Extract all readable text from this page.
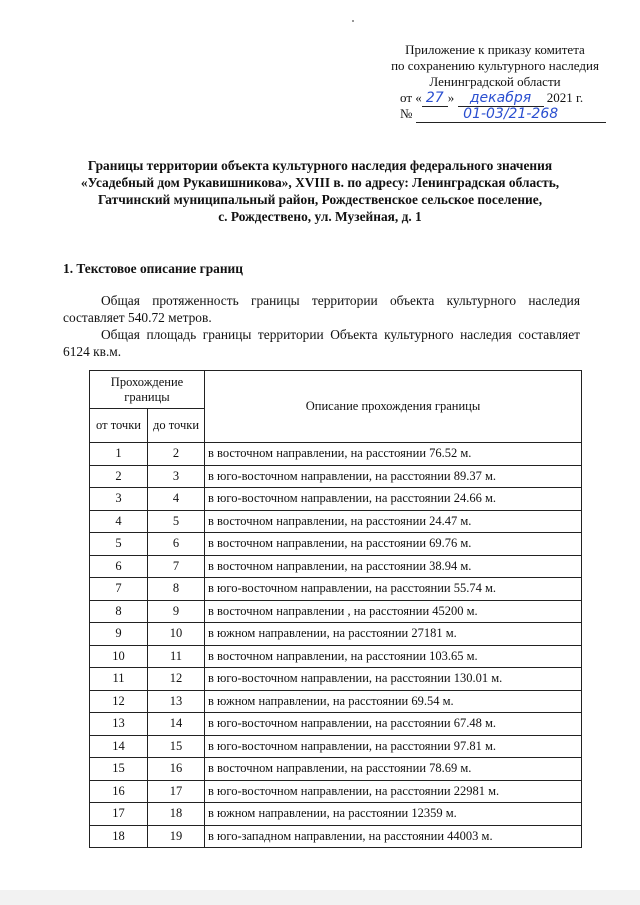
Приложение к приказу комитета
по сохранению культурного наследия
Ленинградской области
от « 27 » декабря 2021 г.
№	01-03/21-268
Границы территории объекта культурного наследия федерального значения
«Усадебный дом Рукавишникова», XVIII в. по адресу: Ленинградская область,
Гатчинский муниципальный район, Рождественское сельское поселение,
с. Рождествено, ул. Музейная, д. 1
1. Текстовое описание границ
Общая протяженность границы территории объекта культурного наследия составляет 540.72 метров.
Общая площадь границы территории Объекта культурного наследия составляет 6124 кв.м.
Прохождение границы		Описание прохождения границы
от точки	до точки	
1	2	в восточном направлении, на расстоянии 76.52 м.
2	3	в юго-восточном направлении, на расстоянии 89.37 м.
3	4	в юго-восточном направлении, на расстоянии 24.66 м.
4	5	в восточном направлении, на расстоянии 24.47 м.
5	6	в восточном направлении, на расстоянии 69.76 м.
6	7	в восточном направлении, на расстоянии 38.94 м.
7	8	в юго-восточном направлении, на расстоянии 55.74 м.
8	9	в восточном направлении , на расстоянии 45200 м.
9	10	в южном направлении, на расстоянии 27181 м.
10	11	в восточном направлении, на расстоянии 103.65 м.
11	12	в юго-восточном направлении, на расстоянии 130.01 м.
12	13	в южном направлении, на расстоянии 69.54 м.
13	14	в юго-восточном направлении, на расстоянии 67.48 м.
14	15	в юго-восточном направлении, на расстоянии 97.81 м.
15	16	в восточном направлении, на расстоянии 78.69 м.
16	17	в юго-восточном направлении, на расстоянии 22981 м.
17	18	в южном направлении, на расстоянии 12359 м.
18	19	в юго-западном направлении, на расстоянии 44003 м.
